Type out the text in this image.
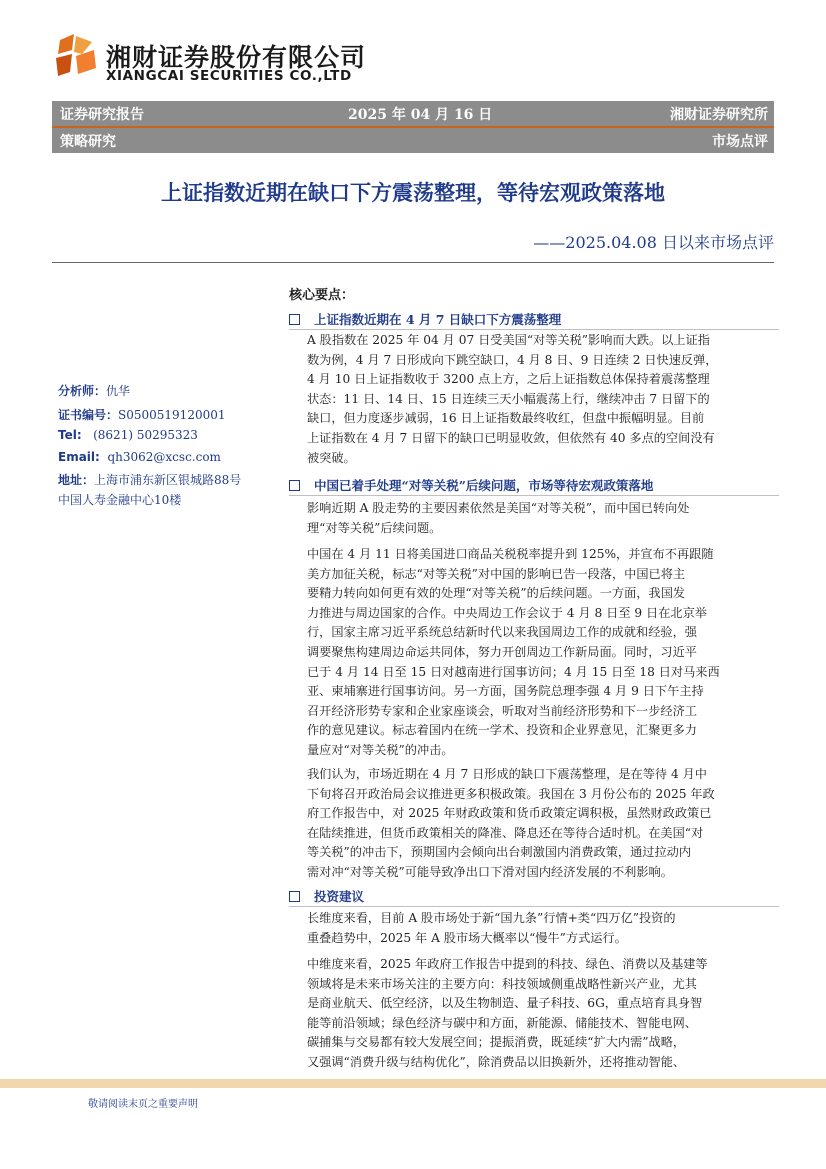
湘财证券股份有限公司
XIANGCAI SECURITIES CO.,LTD
证券研究报告	2025 年 04 月 16 日	湘财证券研究所
策略研究	市场点评
上证指数近期在缺口下方震荡整理，等待宏观政策落地
——2025.04.08 日以来市场点评
分析师：仇华
证书编号：S0500519120001
Tel: (8621) 50295323
Email: qh3062@xcsc.com
地址：上海市浦东新区银城路88号
中国人寿金融中心10楼
核心要点：
上证指数近期在 4 月 7 日缺口下方震荡整理
A 股指数在 2025 年 04 月 07 日受美国“对等关税”影响而大跌。以上证指
数为例，4 月 7 日形成向下跳空缺口，4 月 8 日、9 日连续 2 日快速反弹，
4 月 10 日上证指数收于 3200 点上方，之后上证指数总体保持着震荡整理
状态：11 日、14 日、15 日连续三天小幅震荡上行，继续冲击 7 日留下的
缺口，但力度逐步减弱，16 日上证指数最终收红，但盘中振幅明显。目前
上证指数在 4 月 7 日留下的缺口已明显收敛，但依然有 40 多点的空间没有
被突破。
中国已着手处理“对等关税”后续问题，市场等待宏观政策落地
影响近期 A 股走势的主要因素依然是美国“对等关税”，而中国已转向处
理“对等关税”后续问题。
中国在 4 月 11 日将美国进口商品关税税率提升到 125%，并宣布不再跟随
美方加征关税，标志“对等关税”对中国的影响已告一段落，中国已将主
要精力转向如何更有效的处理“对等关税”的后续问题。一方面，我国发
力推进与周边国家的合作。中央周边工作会议于 4 月 8 日至 9 日在北京举
行，国家主席习近平系统总结新时代以来我国周边工作的成就和经验，强
调要聚焦构建周边命运共同体，努力开创周边工作新局面。同时，习近平
已于 4 月 14 日至 15 日对越南进行国事访问；4 月 15 日至 18 日对马来西
亚、柬埔寨进行国事访问。另一方面，国务院总理李强 4 月 9 日下午主持
召开经济形势专家和企业家座谈会，听取对当前经济形势和下一步经济工
作的意见建议。标志着国内在统一学术、投资和企业界意见，汇聚更多力
量应对“对等关税”的冲击。
我们认为，市场近期在 4 月 7 日形成的缺口下震荡整理，是在等待 4 月中
下旬将召开政治局会议推进更多积极政策。我国在 3 月份公布的 2025 年政
府工作报告中，对 2025 年财政政策和货币政策定调积极，虽然财政政策已
在陆续推进，但货币政策相关的降准、降息还在等待合适时机。在美国“对
等关税”的冲击下，预期国内会倾向出台刺激国内消费政策，通过拉动内
需对冲“对等关税”可能导致净出口下滑对国内经济发展的不利影响。
投资建议
长维度来看，目前 A 股市场处于新“国九条”行情+类“四万亿”投资的
重叠趋势中，2025 年 A 股市场大概率以“慢牛”方式运行。
中维度来看，2025 年政府工作报告中提到的科技、绿色、消费以及基建等
领域将是未来市场关注的主要方向：科技领域侧重战略性新兴产业，尤其
是商业航天、低空经济，以及生物制造、量子科技、6G，重点培育具身智
能等前沿领域；绿色经济与碳中和方面，新能源、储能技术、智能电网、
碳捕集与交易都有较大发展空间；提振消费，既延续“扩大内需”战略，
又强调“消费升级与结构优化”，除消费品以旧换新外，还将推动智能、
敬请阅读末页之重要声明
